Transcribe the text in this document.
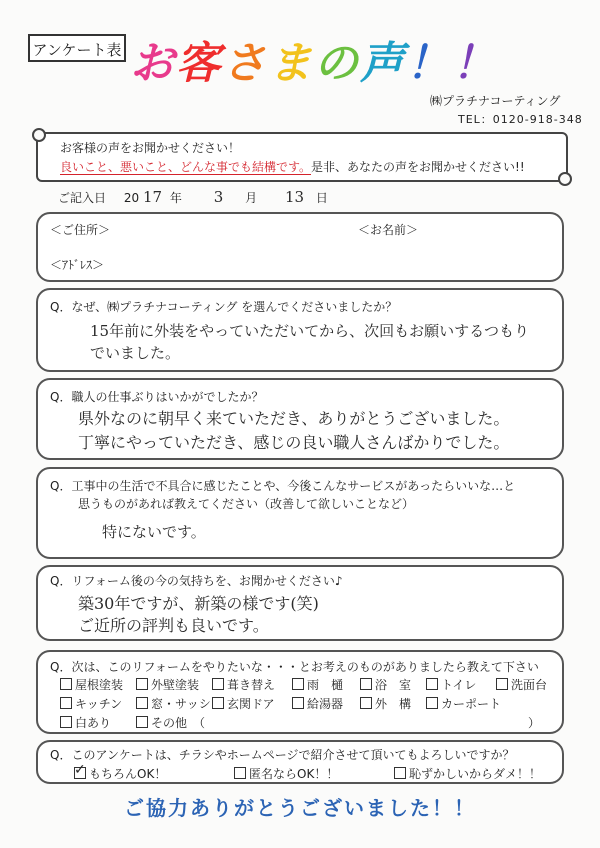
アンケート表 お客さまの声！！
㈱プラチナコーティング
TEL：0120-918-348
お客様の声をお聞かせください！
良いこと、悪いこと、どんな事でも結構です。是非、あなたの声をお聞かせください!!
ご記入日 20 17 年 3 月 13 日
＜ご住所＞	＜お名前＞
＜ｱﾄﾞﾚｽ＞
Q．なぜ、㈱プラチナコーティング を選んでくださいましたか？
15年前に外装をやっていただいてから、次回もお願いするつもり
でいました。
Q．職人の仕事ぶりはいかがでしたか？
県外なのに朝早く来ていただき、ありがとうございました。
丁寧にやっていただき、感じの良い職人さんばかりでした。
Q．工事中の生活で不具合に感じたことや、今後こんなサービスがあったらいいな…と
思うものがあれば教えてください（改善して欲しいことなど）
特にないです。
Q．リフォーム後の今の気持ちを、お聞かせください♪
築30年ですが、新築の様です(笑)
ご近所の評判も良いです。
Q．次は、このリフォームをやりたいな・・・とお考えのものがありましたら教えて下さい
屋根塗装	外壁塗装	葺き替え	雨　樋	浴　室	トイレ	洗面台
キッチン	窓・サッシ	玄関ドア	給湯器	外　構	カーポート
白あり	その他　（	）
Q．このアンケートは、チラシやホームページで紹介させて頂いてもよろしいですか？
✓ もちろんOK！	匿名ならOK！！	恥ずかしいからダメ！！
ご協力ありがとうございました！！
